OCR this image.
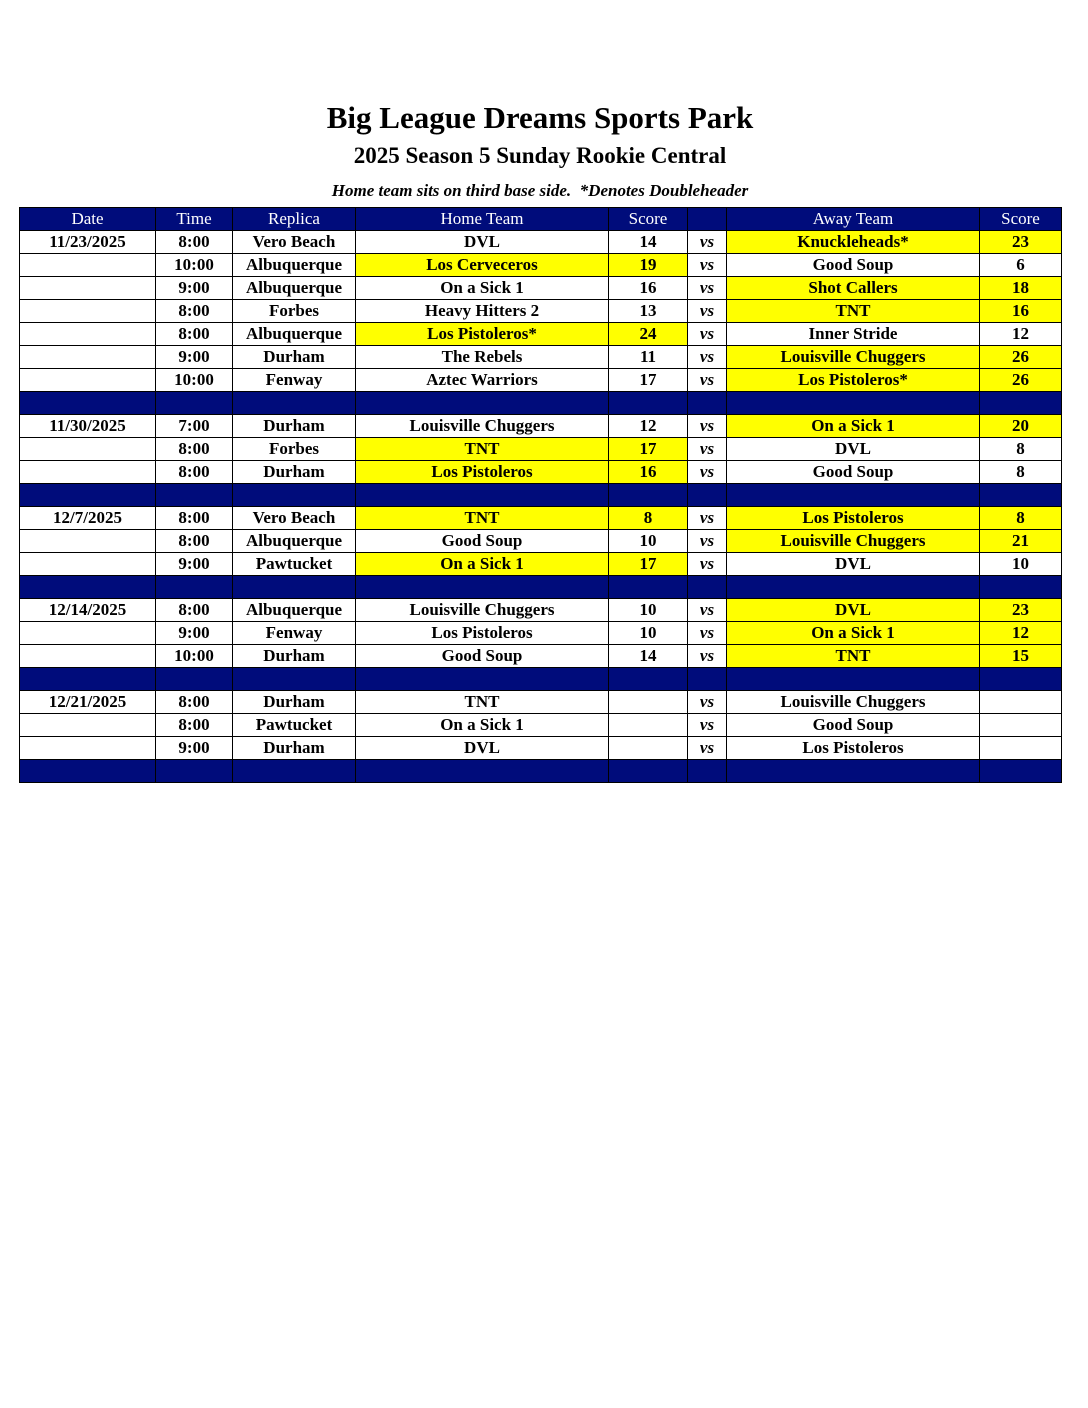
Big League Dreams Sports Park
2025 Season 5 Sunday Rookie Central
Home team sits on third base side.  *Denotes Doubleheader
Date	Time	Replica	Home Team	Score		Away Team	Score
11/23/2025	8:00	Vero Beach	DVL	14	vs	Knuckleheads*	23
	10:00	Albuquerque	Los Cerveceros	19	vs	Good Soup	6
	9:00	Albuquerque	On a Sick 1	16	vs	Shot Callers	18
	8:00	Forbes	Heavy Hitters 2	13	vs	TNT	16
	8:00	Albuquerque	Los Pistoleros*	24	vs	Inner Stride	12
	9:00	Durham	The Rebels	11	vs	Louisville Chuggers	26
	10:00	Fenway	Aztec Warriors	17	vs	Los Pistoleros*	26

11/30/2025	7:00	Durham	Louisville Chuggers	12	vs	On a Sick 1	20
	8:00	Forbes	TNT	17	vs	DVL	8
	8:00	Durham	Los Pistoleros	16	vs	Good Soup	8

12/7/2025	8:00	Vero Beach	TNT	8	vs	Los Pistoleros	8
	8:00	Albuquerque	Good Soup	10	vs	Louisville Chuggers	21
	9:00	Pawtucket	On a Sick 1	17	vs	DVL	10

12/14/2025	8:00	Albuquerque	Louisville Chuggers	10	vs	DVL	23
	9:00	Fenway	Los Pistoleros	10	vs	On a Sick 1	12
	10:00	Durham	Good Soup	14	vs	TNT	15

12/21/2025	8:00	Durham	TNT		vs	Louisville Chuggers	
	8:00	Pawtucket	On a Sick 1		vs	Good Soup	
	9:00	Durham	DVL		vs	Los Pistoleros	
